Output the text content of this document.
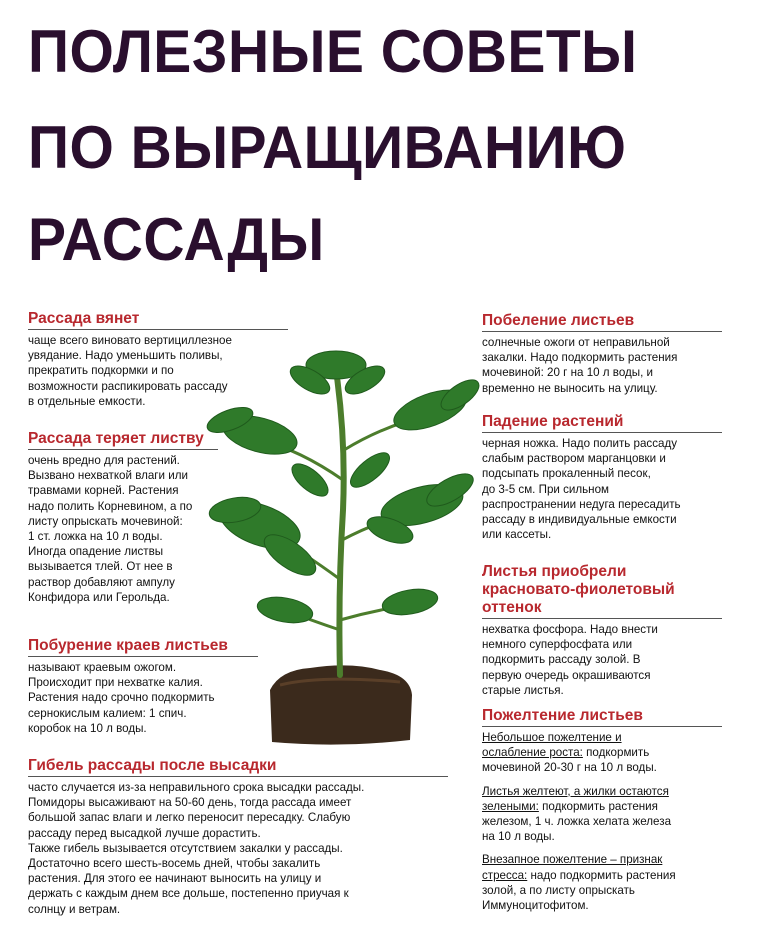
ПОЛЕЗНЫЕ СОВЕТЫ
ПО ВЫРАЩИВАНИЮ
РАССАДЫ
Рассада вянет
чаще всего виновато вертициллезное
увядание. Надо уменьшить поливы,
прекратить подкормки и по
возможности распикировать рассаду
в отдельные емкости.
Рассада теряет листву
очень вредно для растений.
Вызвано нехваткой влаги или
травмами корней. Растения
надо полить Корневином, а по
листу опрыскать мочевиной:
1 ст. ложка на 10 л воды.
Иногда опадение листвы
вызывается тлей. От нее в
раствор добавляют ампулу
Конфидора или Герольда.
Побурение краев листьев
называют краевым ожогом.
Происходит при нехватке калия.
Растения надо срочно подкормить
сернокислым калием: 1 спич.
коробок на 10 л воды.
Гибель рассады после высадки
часто случается из-за неправильного срока высадки рассады.
Помидоры высаживают на 50-60 день, тогда рассада имеет
большой запас влаги и легко переносит пересадку. Слабую
рассаду перед высадкой лучше дорастить.
Также гибель вызывается отсутствием закалки у рассады.
Достаточно всего шесть-восемь дней, чтобы закалить
растения. Для этого ее начинают выносить на улицу и
держать с каждым днем все дольше, постепенно приучая к
солнцу и ветрам.
Побеление листьев
солнечные ожоги от неправильной
закалки. Надо подкормить растения
мочевиной: 20 г на 10 л воды, и
временно не выносить на улицу.
Падение растений
черная ножка. Надо полить рассаду
слабым раствором марганцовки и
подсыпать прокаленный песок,
до 3-5 см. При сильном
распространении недуга пересадить
рассаду в индивидуальные емкости
или кассеты.
Листья приобрели
красновато-фиолетовый
оттенок
нехватка фосфора. Надо внести
немного суперфосфата или
подкормить рассаду золой. В
первую очередь окрашиваются
старые листья.
Пожелтение листьев
Небольшое пожелтение и
ослабление роста: подкормить
мочевиной 20-30 г на 10 л воды.
Листья желтеют, а жилки остаются
зелеными: подкормить растения
железом, 1 ч. ложка хелата железа
на 10 л воды.
Внезапное пожелтение – признак
стресса: надо подкормить растения
золой, а по листу опрыскать
Иммуноцитофитом.
